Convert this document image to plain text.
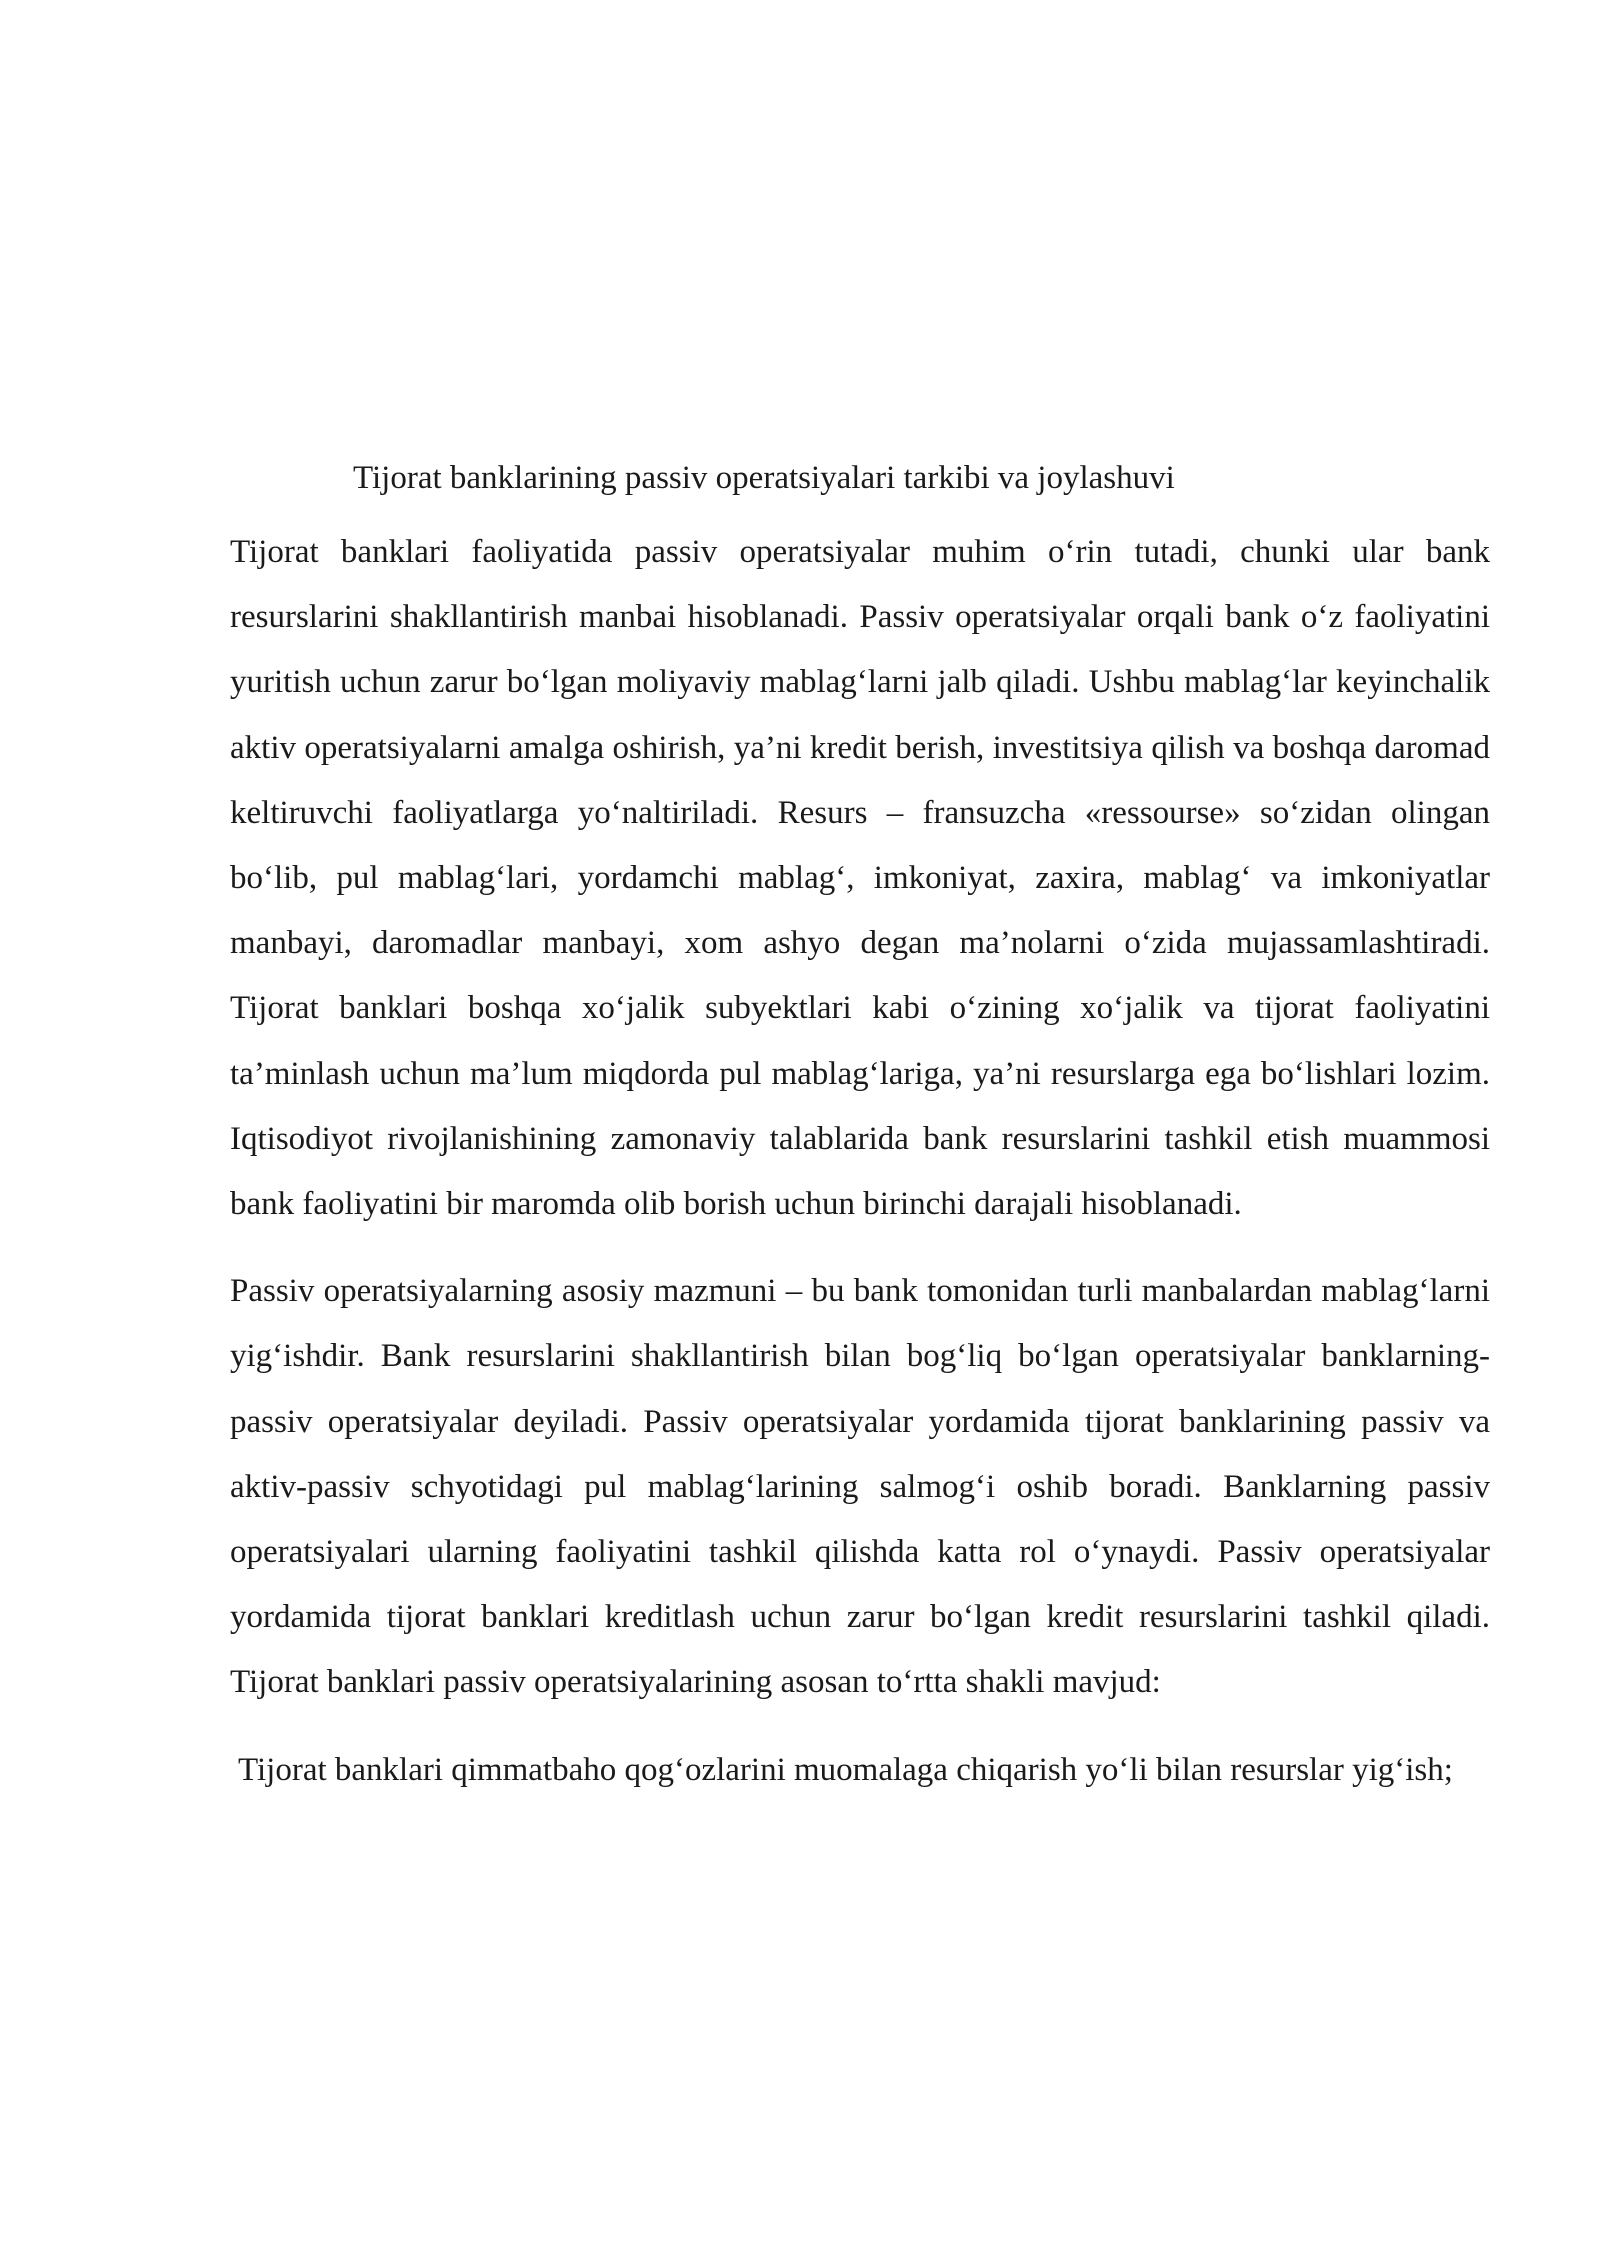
Tijorat banklarining passiv operatsiyalari tarkibi va joylashuvi

Tijorat banklari faoliyatida passiv operatsiyalar muhim o‘rin tutadi, chunki ular bank resurslarini shakllantirish manbai hisoblanadi. Passiv operatsiyalar orqali bank o‘z faoliyatini yuritish uchun zarur bo‘lgan moliyaviy mablag‘larni jalb qiladi. Ushbu mablag‘lar keyinchalik aktiv operatsiyalarni amalga oshirish, ya’ni kredit berish, investitsiya qilish va boshqa daromad keltiruvchi faoliyatlarga yo‘naltiriladi. Resurs – fransuzcha «ressourse» so‘zidan olingan bo‘lib, pul mablag‘lari, yordamchi mablag‘, imkoniyat, zaxira, mablag‘ va imkoniyatlar manbayi, daromadlar manbayi, xom ashyo degan ma’nolarni o‘zida mujassamlashtiradi. Tijorat banklari boshqa xo‘jalik subyektlari kabi o‘zining xo‘jalik va tijorat faoliyatini ta’minlash uchun ma’lum miqdorda pul mablag‘lariga, ya’ni resurslarga ega bo‘lishlari lozim. Iqtisodiyot rivojlanishining zamonaviy talablarida bank resurslarini tashkil etish muammosi bank faoliyatini bir maromda olib borish uchun birinchi darajali hisoblanadi.

Passiv operatsiyalarning asosiy mazmuni – bu bank tomonidan turli manbalardan mablag‘larni yig‘ishdir. Bank resurslarini shakllantirish bilan bog‘liq bo‘lgan operatsiyalar banklarning- passiv operatsiyalar deyiladi. Passiv operatsiyalar yordamida tijorat banklarining passiv va aktiv-passiv schyotidagi pul mablag‘larining salmog‘i oshib boradi. Banklarning passiv operatsiyalari ularning faoliyatini tashkil qilishda katta rol o‘ynaydi. Passiv operatsiyalar yordamida tijorat banklari kreditlash uchun zarur bo‘lgan kredit resurslarini tashkil qiladi. Tijorat banklari passiv operatsiyalarining asosan to‘rtta shakli mavjud:

Tijorat banklari qimmatbaho qog‘ozlarini muomalaga chiqarish yo‘li bilan resurslar yig‘ish;
